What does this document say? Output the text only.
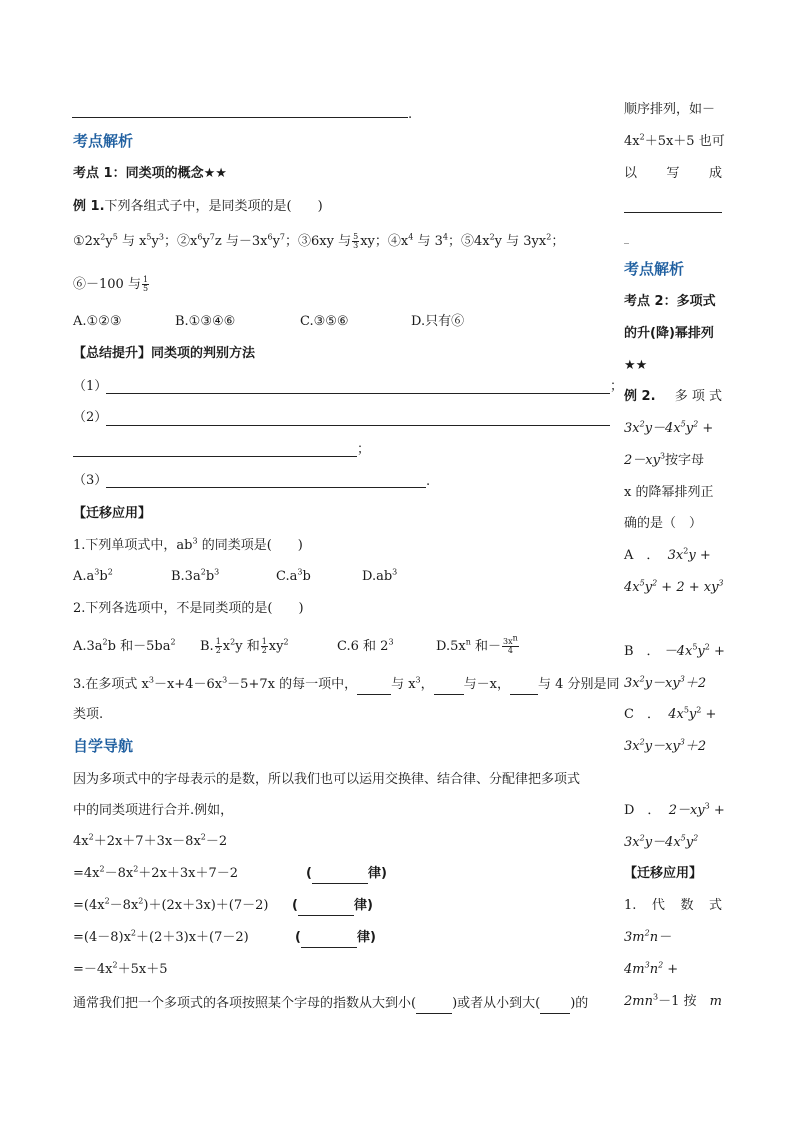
.
考点解析
考点 1：同类项的概念★★
例 1.下列各组式子中，是同类项的是(　　)
$①2x^2y^5$ 与 $x^5y^3$；$②x^6y^7z$ 与$-3x^6y^7$；③6xy 与 $\frac{5}{3}$ xy；$④x^4$ 与 $3^4$；$⑤4x^2y$ 与 $3yx^2$；
⑥－100 与 $\frac{1}{5}$
A.①②③	B.①③④⑥	C.③⑤⑥	D.只有⑥
【总结提升】同类项的判别方法
（1）	；
（2）
；
（3）	.
【迁移应用】
1.下列单项式中，$ab^3$ 的同类项是(　　)
$A.a^3b^2$	$B.3a^2b^3$	$C.a^3b$	$D.ab^3$
2.下列各选项中，不是同类项的是(　　)
$A.3a^2b$ 和$-5ba^2$ B. $\frac{1}{2} x^2y$ 和 $\frac{1}{2} xy^2$	C.6 和 $2^3$	$D.5x^n$ 和－ $\frac{3x^n}{4}$
3.在多项式 $x^3-x+4-6x^3-5+7x$ 的每一项中，	与 $x^3$， 与－x， 与 4 分别是同
类项.
自学导航
因为多项式中的字母表示的是数，所以我们也可以运用交换律、结合律、分配律把多项式
中的同类项进行合并.例如，
$4x^2+2x+7+3x-8x^2-2$
$=4x^2-8x^2+2x+3x+7-2$	(	律)
$=(4x^2-8x^2)+(2x+3x)+(7-2)$ (	律)
$=(4-8)x^2+(2+3)x+(7-2)$	(	律)
$=-4x^2+5x+5$
通常我们把一个多项式的各项按照某个字母的指数从大到小(	)或者从小到大( )的
顺序排列，如－
$4x^2+5x+5$ 也可
以 写 成
_
考点解析
考点 2：多项式
的升(降)幂排列
★★
例 2. 多 项 式
$3x^2y-4x^5y^2$ +
$2-xy^3$按字母
x 的降幂排列正
确的是（　）
A　． $3x^2y$ +
$4x^5y^2 + 2 + xy^3$
B　． $-4x^5y^2$ +
$3x^2y-xy^3+2$
C　． $4x^5y^2$ +
$3x^2y-xy^3+2$
D　． $2-xy^3$ +
$3x^2y-4x^5y^2$
【迁移应用】
1. 代 数 式
$3m^2n-$
$4m^3n^2$ +
$2mn^3-1$ 按 m
